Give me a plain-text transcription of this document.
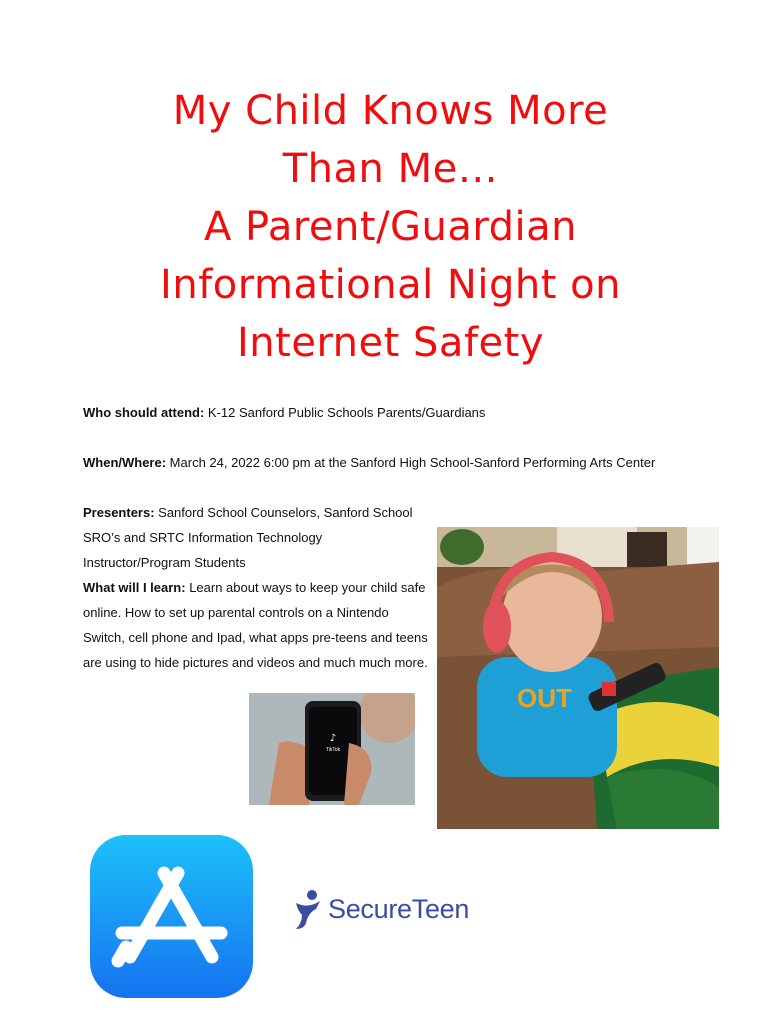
My Child Knows More
Than Me…
A Parent/Guardian
Informational Night on
Internet Safety
Who should attend: K-12 Sanford Public Schools Parents/Guardians
When/Where: March 24, 2022 6:00 pm at the Sanford High School-Sanford Performing Arts Center
Presenters: Sanford School Counselors, Sanford School SRO’s and SRTC Information Technology Instructor/Program Students
What will I learn: Learn about ways to keep your child safe online. How to set up parental controls on a Nintendo Switch, cell phone and Ipad, what apps pre-teens and teens are using to hide pictures and videos and much much more.
OUT
♪
TikTok
SecureTeen
